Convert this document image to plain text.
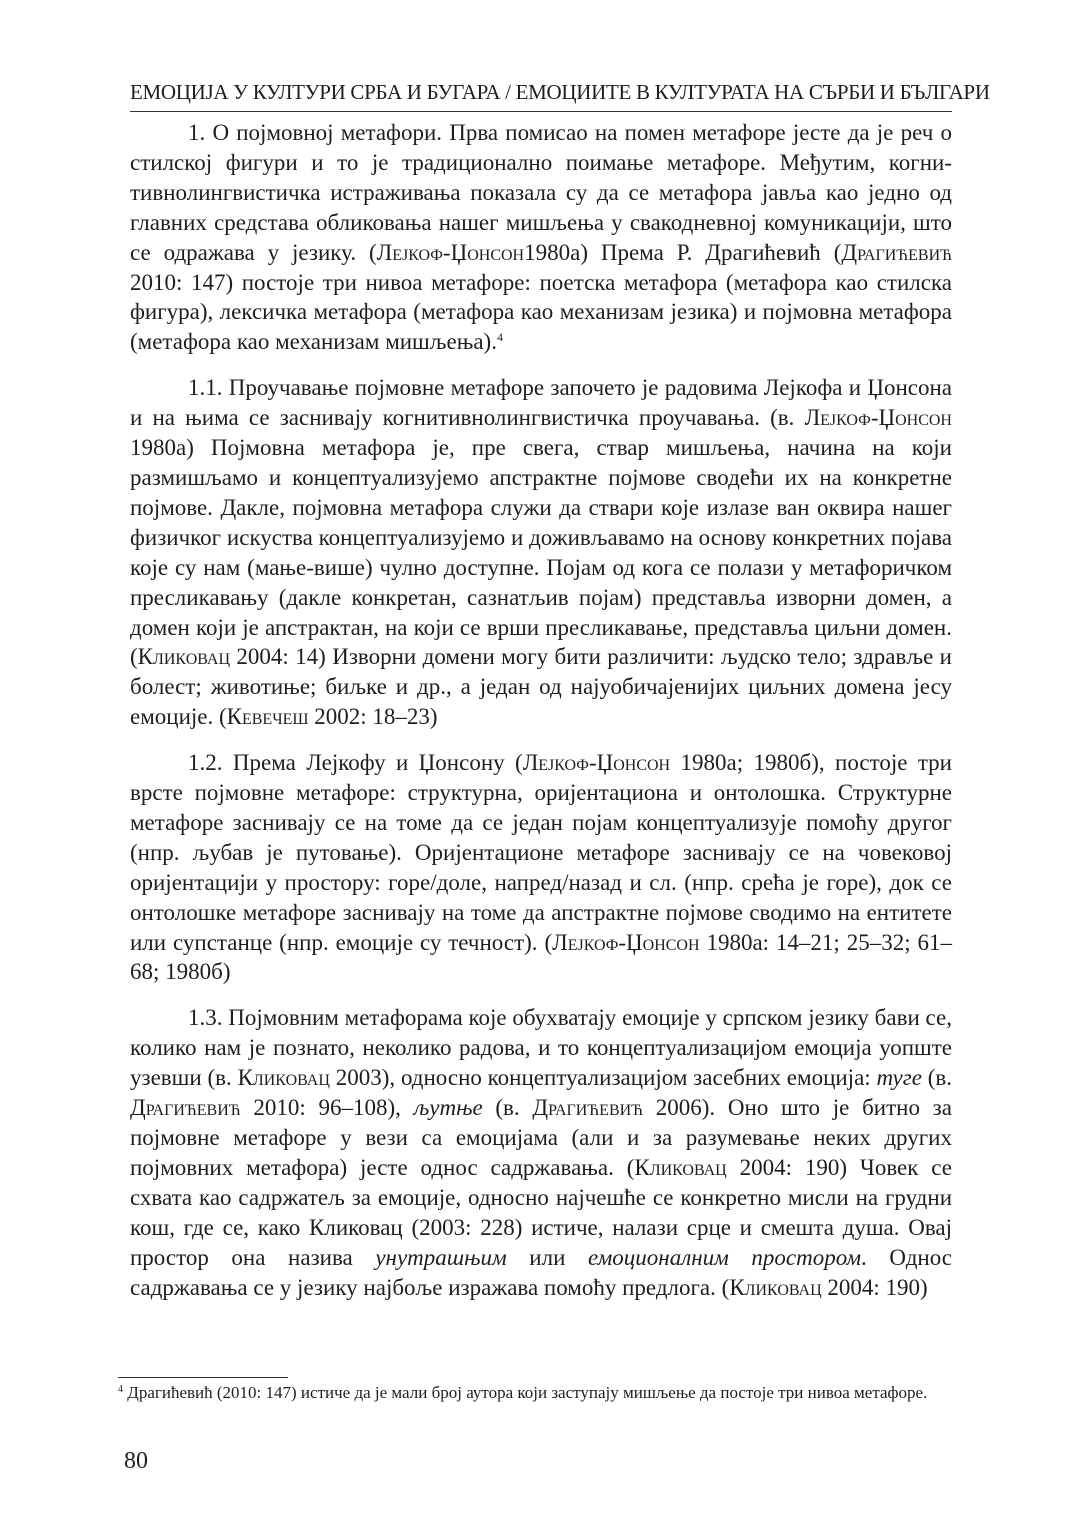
ЕМОЦИЈА У КУЛТУРИ СРБА И БУГАРА / ЕМОЦИИТЕ В КУЛТУРАТА НА СЪРБИ И БЪЛГАРИ

1. О појмовној метафори. Прва помисао на помен метафоре јесте да је реч о стилској фигури и то је традиционално поимање метафоре. Међутим, когнитивнолингвистичка истраживања показала су да се метафора јавља као једно од главних средстава обликовања нашег мишљења у свакодневној комуникацији, што се одражава у језику. (Лејкоф-Џонсон1980а) Према Р. Драгићевић (Драгићевић 2010: 147) постоје три нивоа метафоре: поетска метафора (метафора као стилска фигура), лексичка метафора (метафора као механизам језика) и појмовна метафора (метафора као механизам мишљења).$^4$

1.1. Проучавање појмовне метафоре започето је радовима Лејкофа и Џонсона и на њима се заснивају когнитивнолингвистичка проучавања. (в. Лејкоф-Џонсон 1980а) Појмовна метафора је, пре свега, ствар мишљења, начина на који размишљамо и концептуализујемо апстрактне појмове сводећи их на конкретне појмове. Дакле, појмовна метафора служи да ствари које излазе ван оквира нашег физичког искуства концептуализујемо и доживљавамо на основу конкретних појава које су нам (мање-више) чулно доступне. Појам од кога се полази у метафоричком пресликавању (дакле конкретан, сазнатљив појам) представља изворни домен, а домен који је апстрактан, на који се врши пресликавање, представља циљни домен. (Кликовац 2004: 14) Изворни домени могу бити различити: људско тело; здравље и болест; животиње; биљке и др., а један од најуобичајенијих циљних домена јесу емоције. (Кевечеш 2002: 18–23)

1.2. Према Лејкофу и Џонсону (Лејкоф-Џонсон 1980а; 1980б), постоје три врсте појмовне метафоре: структурна, оријентациона и онтолошка. Структурне метафоре заснивају се на томе да се један појам концептуализује помоћу другог (нпр. љубав је путовање). Оријентационе метафоре заснивају се на човековој оријентацији у простору: горе/доле, напред/назад и сл. (нпр. срећа је горе), док се онтолошке метафоре заснивају на томе да апстрактне појмове сводимо на ентитете или супстанце (нпр. емоције су течност). (Лејкоф-Џонсон 1980а: 14–21; 25–32; 61–68; 1980б)

1.3. Појмовним метафорама које обухватају емоције у српском језику бави се, колико нам је познато, неколико радова, и то концептуализацијом емоција уопште узевши (в. Кликовац 2003), односно концептуализацијом засебних емоција: туге (в. Драгићевић 2010: 96–108), љутње (в. Драгићевић 2006). Оно што је битно за појмовне метафоре у вези са емоцијама (али и за разумевање неких других појмовних метафора) јесте однос садржавања. (Кликовац 2004: 190) Човек се схвата као садржатељ за емоције, односно најчешће се конкретно мисли на грудни кош, где се, како Кликовац (2003: 228) истиче, налази срце и смешта душа. Овај простор она назива унутрашњим или емоционалним простором. Однос садржавања се у језику најбоље изражава помоћу предлога. (Кликовац 2004: 190)

$^4$ Драгићевић (2010: 147) истиче да је мали број аутора који заступају мишљење да постоје три нивоа метафоре.
80
